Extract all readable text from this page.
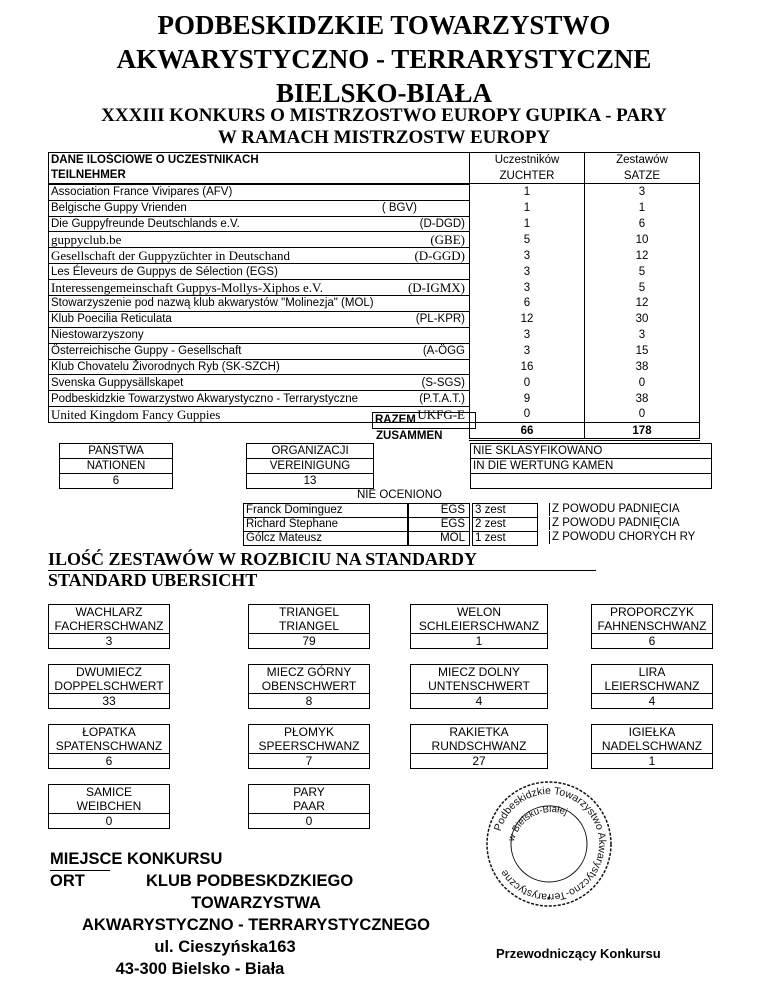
PODBESKIDZKIE TOWARZYSTWO
AKWARYSTYCZNO - TERRARYSTYCZNE
BIELSKO-BIAŁA
XXXIII KONKURS O MISTRZOSTWO EUROPY GUPIKA - PARY
W RAMACH MISTRZOSTW EUROPY
DANE ILOŚCIOWE O UCZESTNIKACH	Uczestników	Zestawów
TEILNEHMER	ZUCHTER	SATZE
Association France Vivipares (AFV)	1	3
Belgische Guppy Vrienden ( BGV)	1	1
Die Guppyfreunde Deutschlands e.V. (D-DGD)	1	6
guppyclub.be (GBE)	5	10
Gesellschaft der Guppyzüchter in Deutschand (D-GGD)	3	12
Les Éleveurs de Guppys de Sélection (EGS)	3	5
Interessengemeinschaft Guppys-Mollys-Xiphos e.V. (D-IGMX)	3	5
Stowarzyszenie pod nazwą klub akwarystów "Molinezja" (MOL)	6	12
Klub Poecilia Reticulata (PL-KPR)	12	30
Niestowarzyszony	3	3
Österreichische Guppy - Gesellschaft (A-ÖGG	3	15
Klub Chovatelu Živorodnych Ryb (SK-SZCH)	16	38
Svenska Guppysällskapet (S-SGS)	0	0
Podbeskidzkie Towarzystwo Akwarystyczno - Terrarystyczne (P.T.A.T.)	9	38
United Kingdom Fancy Guppies UKFG-E	0	0
	66	178
RAZEM
ZUSAMMEN
PAŃSTWA
NATIONEN
6
ORGANIZACJI
VEREINIGUNG
13
NIE SKLASYFIKOWANO
IN DIE WERTUNG KAMEN
NIE OCENIONO
Franck Dominguez	EGS 3 zest	Z POWODU PADNIĘCIA
Richard Stephane	EGS 2 zest	Z POWODU PADNIĘCIA
Gólcz Mateusz	MOL 1 zest	Z POWODU CHORYCH RY
ILOŚĆ ZESTAWÓW W ROZBICIU NA STANDARDY
STANDARD UBERSICHT
WACHLARZ
FACHERSCHWANZ
3
TRIANGEL
TRIANGEL
79
WELON
SCHLEIERSCHWANZ
1
PROPORCZYK
FAHNENSCHWANZ
6
DWUMIECZ
DOPPELSCHWERT
33
MIECZ GÓRNY
OBENSCHWERT
8
MIECZ DOLNY
UNTENSCHWERT
4
LIRA
LEIERSCHWANZ
4
ŁOPATKA
SPATENSCHWANZ
6
PŁOMYK
SPEERSCHWANZ
7
RAKIETKA
RUNDSCHWANZ
27
IGIEŁKA
NADELSCHWANZ
1
SAMICE
WEIBCHEN
0
PARY
PAAR
0	Podbeskidzkie Towarzystwo Akwarystyczno-Ter arystyczne
w Bielsku-Białej
MIEJSCE KONKURSU
ORT	KLUB PODBESKDZKIEGO
TOWARZYSTWA
AKWARYSTYCZNO - TERRARYSTYCZNEGO
ul. Cieszyńska163
43-300 Bielsko - Biała
Przewodniczący Konkursu
